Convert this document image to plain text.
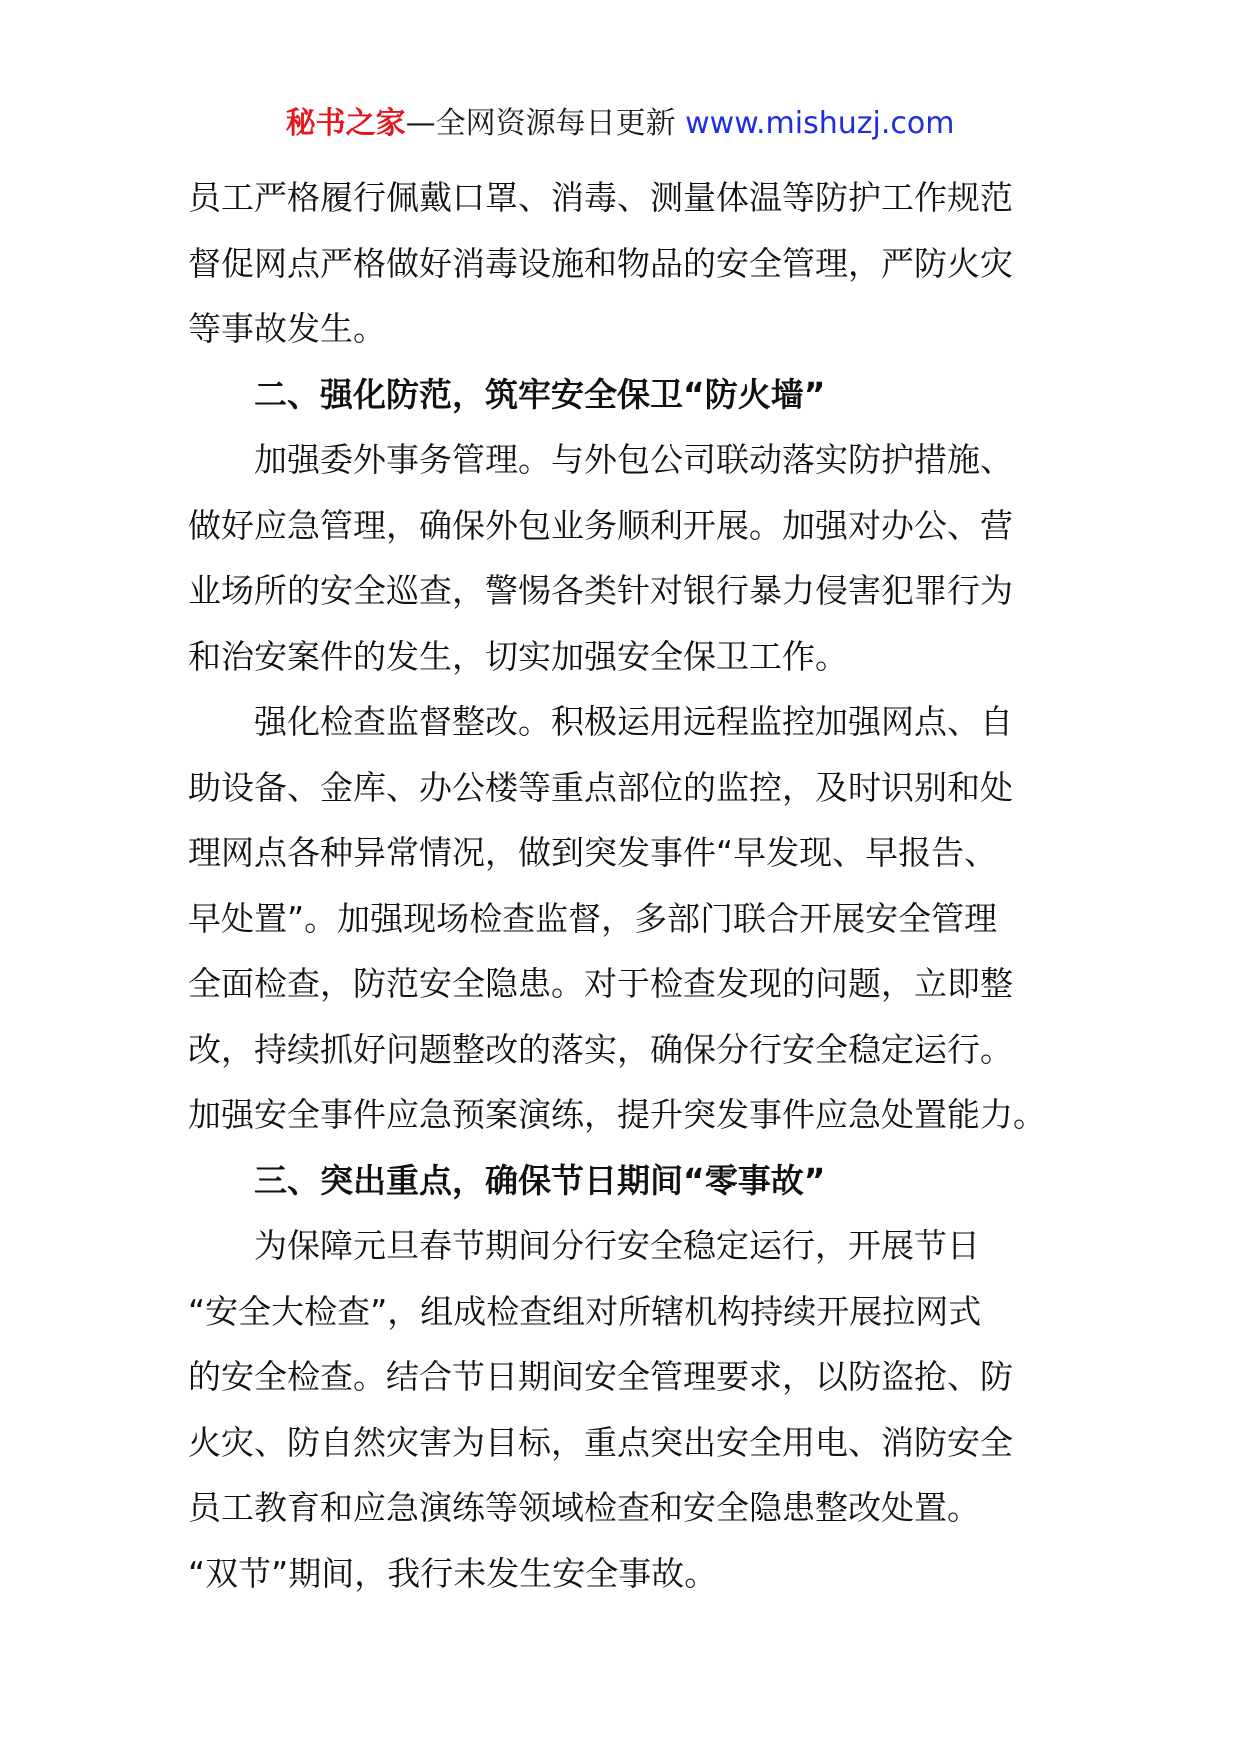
秘书之家—全网资源每日更新 www.mishuzj.com
员工严格履行佩戴口罩、消毒、测量体温等防护工作规范
督促网点严格做好消毒设施和物品的安全管理，严防火灾
等事故发生。
二、强化防范，筑牢安全保卫“防火墙”
加强委外事务管理。与外包公司联动落实防护措施、
做好应急管理，确保外包业务顺利开展。加强对办公、营
业场所的安全巡查，警惕各类针对银行暴力侵害犯罪行为
和治安案件的发生，切实加强安全保卫工作。
强化检查监督整改。积极运用远程监控加强网点、自
助设备、金库、办公楼等重点部位的监控，及时识别和处
理网点各种异常情况，做到突发事件“早发现、早报告、
早处置”。加强现场检查监督，多部门联合开展安全管理
全面检查，防范安全隐患。对于检查发现的问题，立即整
改，持续抓好问题整改的落实，确保分行安全稳定运行。
加强安全事件应急预案演练，提升突发事件应急处置能力。
三、突出重点，确保节日期间“零事故”
为保障元旦春节期间分行安全稳定运行，开展节日
“安全大检查”，组成检查组对所辖机构持续开展拉网式
的安全检查。结合节日期间安全管理要求，以防盗抢、防
火灾、防自然灾害为目标，重点突出安全用电、消防安全
员工教育和应急演练等领域检查和安全隐患整改处置。
“双节”期间，我行未发生安全事故。
